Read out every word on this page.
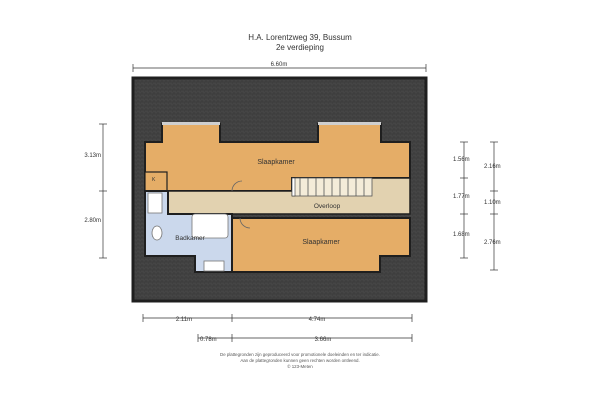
H.A. Lorentzweg 39, Bussum
2e verdieping
Slaapkamer
K
Overloop
Badkamer
Slaapkamer
6.60m
3.13m
2.80m
1.56m
1.77m
1.68m
2.16m
1.10m
2.76m
2.11m	4.74m
0.78m	3.66m
De plattegronden zijn geproduceerd voor promotionele doeleinden en ter indicatie.
Aan de plattegronden kunnen geen rechten worden ontleend.
© 123-Meten
